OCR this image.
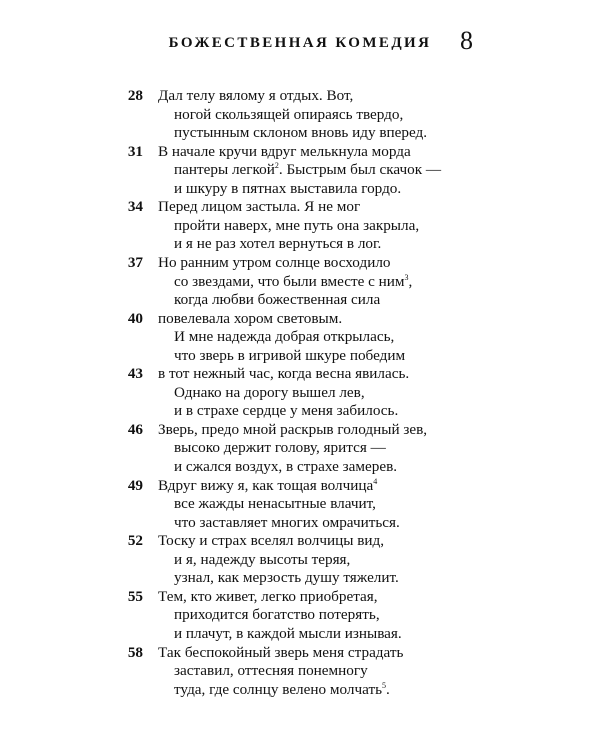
БОЖЕСТВЕННАЯ КОМЕДИЯ	8
28 Дал телу вялому я отдых. Вот,
ногой скользящей опираясь твердо,
пустынным склоном вновь иду вперед.
31 В начале кручи вдруг мелькнула морда
пантеры легкой$^2$. Быстрым был скачок —
и шкуру в пятнах выставила гордо.
34 Перед лицом застыла. Я не мог
пройти наверх, мне путь она закрыла,
и я не раз хотел вернуться в лог.
37 Но ранним утром солнце восходило
со звездами, что были вместе с ним$^3$,
когда любви божественная сила
40 повелевала хором световым.
И мне надежда добрая открылась,
что зверь в игривой шкуре победим
43 в тот нежный час, когда весна явилась.
Однако на дорогу вышел лев,
и в страхе сердце у меня забилось.
46 Зверь, предо мной раскрыв голодный зев,
высоко держит голову, ярится —
и сжался воздух, в страхе замерев.
49 Вдруг вижу я, как тощая волчица$^4$
все жажды ненасытные влачит,
что заставляет многих омрачиться.
52 Тоску и страх вселял волчицы вид,
и я, надежду высоты теряя,
узнал, как мерзость душу тяжелит.
55 Тем, кто живет, легко приобретая,
приходится богатство потерять,
и плачут, в каждой мысли изнывая.
58 Так беспокойный зверь меня страдать
заставил, оттесняя понемногу
туда, где солнцу велено молчать$^5$.
